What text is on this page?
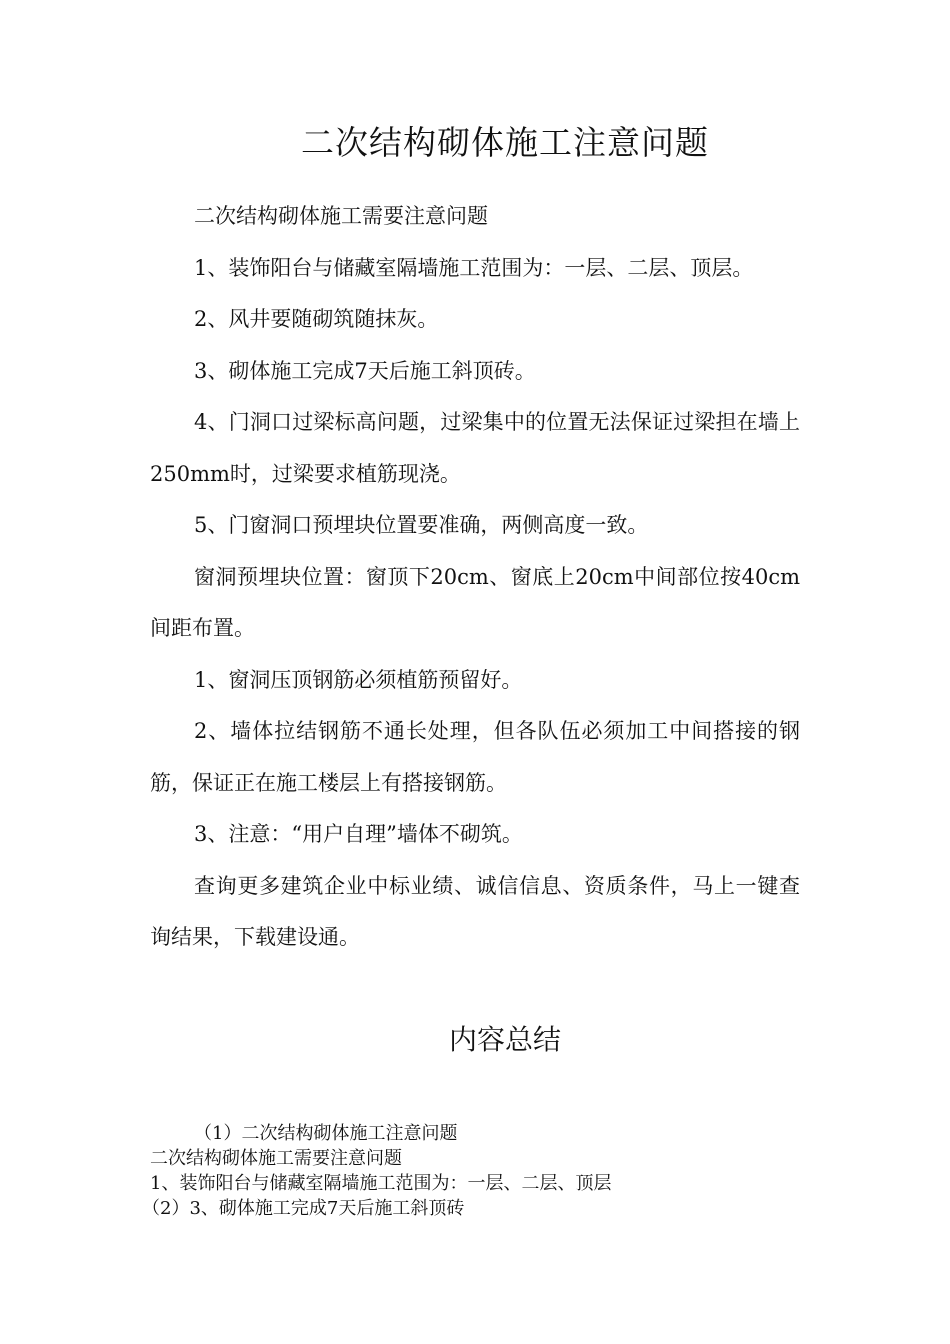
二次结构砌体施工注意问题

二次结构砌体施工需要注意问题

1、装饰阳台与储藏室隔墙施工范围为：一层、二层、顶层。

2、风井要随砌筑随抹灰。

3、砌体施工完成7天后施工斜顶砖。

4、门洞口过梁标高问题，过梁集中的位置无法保证过梁担在墙上250mm时，过梁要求植筋现浇。

5、门窗洞口预埋块位置要准确，两侧高度一致。

窗洞预埋块位置：窗顶下20cm、窗底上20cm中间部位按40cm间距布置。

1、窗洞压顶钢筋必须植筋预留好。

2、墙体拉结钢筋不通长处理，但各队伍必须加工中间搭接的钢筋，保证正在施工楼层上有搭接钢筋。

3、注意：“用户自理”墙体不砌筑。

查询更多建筑企业中标业绩、诚信信息、资质条件，马上一键查询结果，下载建设通。

内容总结

（1）二次结构砌体施工注意问题

二次结构砌体施工需要注意问题

1、装饰阳台与储藏室隔墙施工范围为：一层、二层、顶层

（2）3、砌体施工完成7天后施工斜顶砖
